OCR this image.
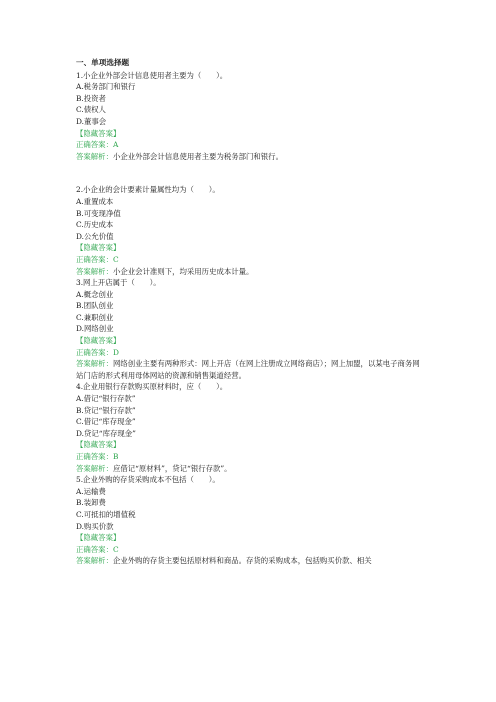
一、单项选择题
1.小企业外部会计信息使用者主要为（　　）。
A.税务部门和银行
B.投资者
C.债权人
D.董事会
【隐藏答案】
正确答案：A
答案解析：小企业外部会计信息使用者主要为税务部门和银行。
2.小企业的会计要素计量属性均为（　　）。
A.重置成本
B.可变现净值
C.历史成本
D.公允价值
【隐藏答案】
正确答案：C
答案解析：小企业会计准则下，均采用历史成本计量。
3.网上开店属于（　　）。
A.概念创业
B.团队创业
C.兼职创业
D.网络创业
【隐藏答案】
正确答案：D
答案解析：网络创业主要有两种形式：网上开店（在网上注册成立网络商店）；网上加盟，以某电子商务网站门店的形式利用母体网站的资源和销售渠道经营。
4.企业用银行存款购买原材料时，应（　　）。
A.借记“银行存款”
B.贷记“银行存款”
C.借记“库存现金”
D.贷记“库存现金”
【隐藏答案】
正确答案：B
答案解析：应借记“原材料”，贷记“银行存款”。
5.企业外购的存货采购成本不包括（　　）。
A.运输费
B.装卸费
C.可抵扣的增值税
D.购买价款
【隐藏答案】
正确答案：C
答案解析：企业外购的存货主要包括原材料和商品。存货的采购成本，包括购买价款、相关
